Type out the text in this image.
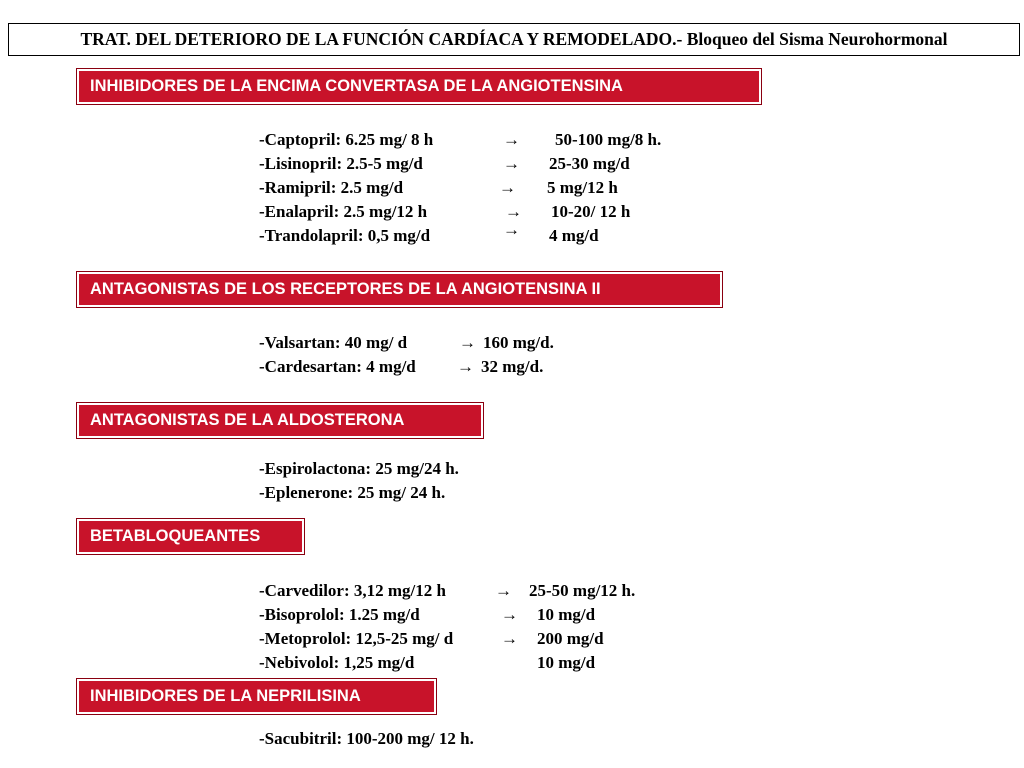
TRAT. DEL DETERIORO DE LA FUNCIÓN CARDÍACA Y REMODELADO.- Bloqueo del Sisma Neurohormonal
INHIBIDORES DE LA ENCIMA CONVERTASA DE LA ANGIOTENSINA
-Captopril: 6.25 mg/ 8 h	→ 50-100 mg/8 h.
-Lisinopril: 2.5-5 mg/d	→ 25-30 mg/d
-Ramipril: 2.5 mg/d	→ 5 mg/12 h
-Enalapril: 2.5 mg/12 h	→ 10-20/ 12 h
-Trandolapril: 0,5 mg/d	→ 4 mg/d
ANTAGONISTAS DE LOS RECEPTORES DE LA ANGIOTENSINA II
-Valsartan: 40 mg/ d	→ 160 mg/d.
-Cardesartan: 4 mg/d → 32 mg/d.
ANTAGONISTAS DE LA ALDOSTERONA
-Espirolactona: 25 mg/24 h.
-Eplenerone: 25 mg/ 24 h.
BETABLOQUEANTES
-Carvedilor: 3,12 mg/12 h	→ 25-50 mg/12 h.
-Bisoprolol: 1.25 mg/d	→ 10 mg/d
-Metoprolol: 12,5-25 mg/ d	→ 200 mg/d
-Nebivolol: 1,25 mg/d	10 mg/d
INHIBIDORES DE LA NEPRILISINA
-Sacubitril: 100-200 mg/ 12 h.
